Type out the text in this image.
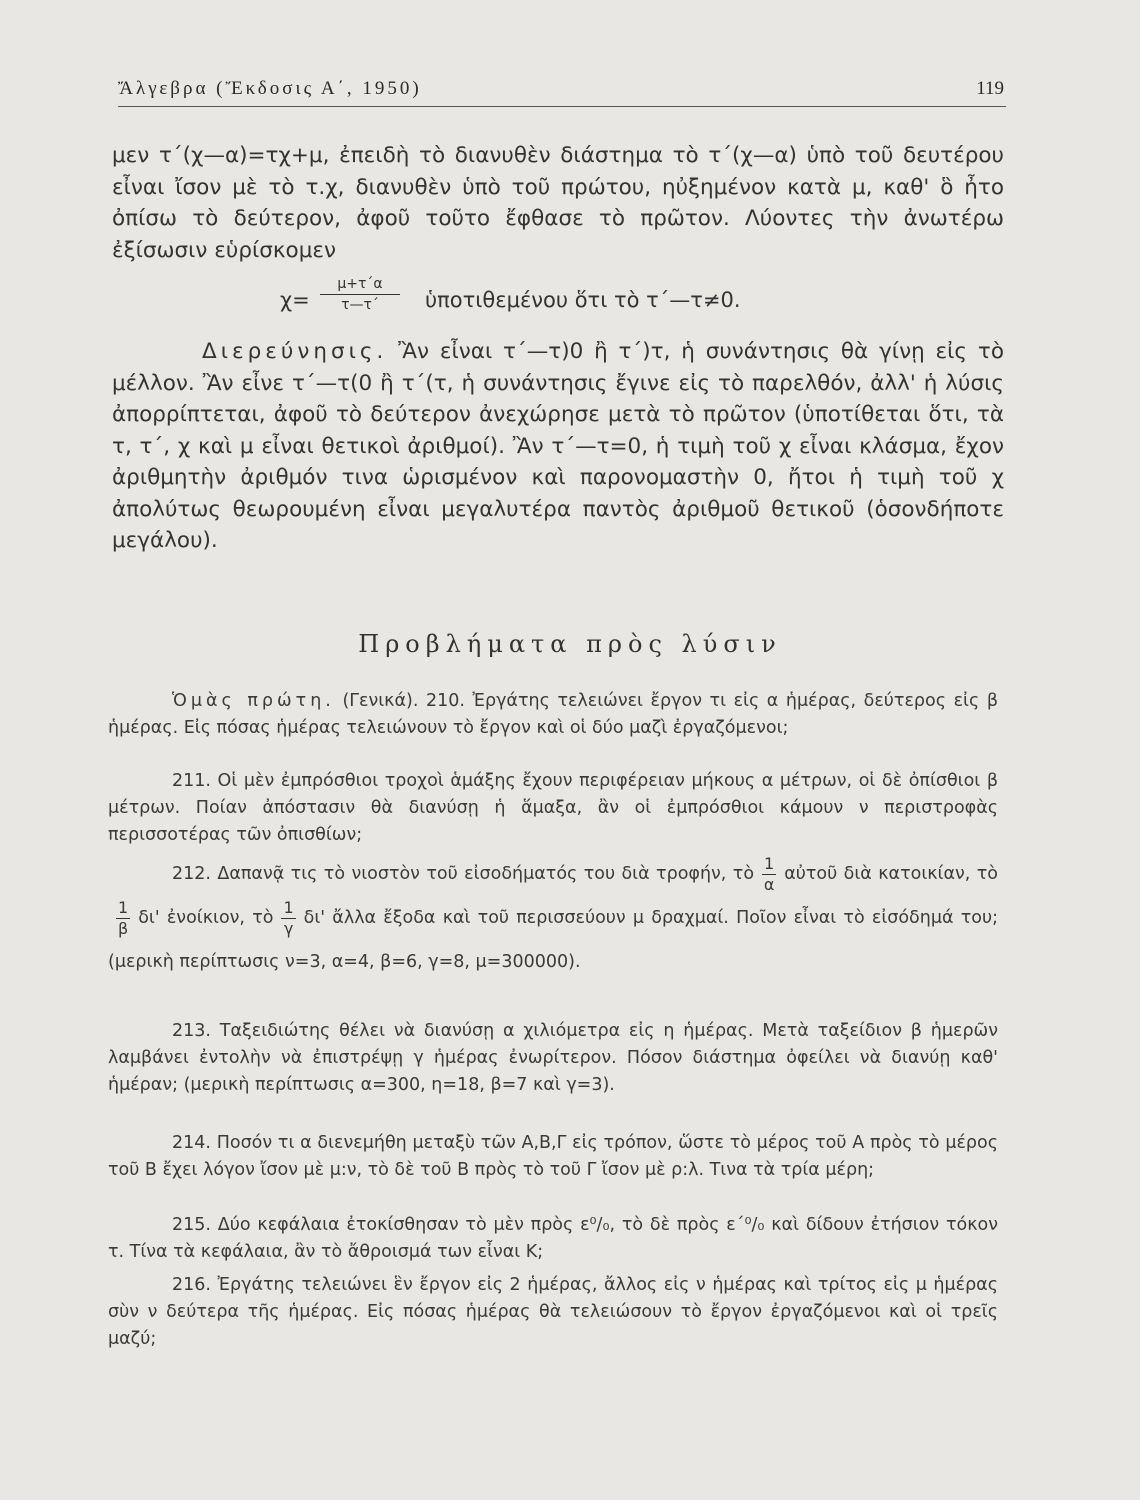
Ἄλγεβρα (Ἔκδοσις Α΄, 1950)	119
μεν τ΄(χ—α)=τχ+μ, ἐπειδὴ τὸ διανυθὲν διάστημα τὸ τ΄(χ—α) ὑπὸ τοῦ δευτέρου εἶναι ἴσον μὲ τὸ τ.χ, διανυθὲν ὑπὸ τοῦ πρώτου, ηὐξημένον κατὰ μ, καθ' ὃ ἦτο ὀπίσω τὸ δεύτερον, ἀφοῦ τοῦτο ἔφθασε τὸ πρῶτον. Λύοντες τὴν ἀνωτέρω ἐξίσωσιν εὑρίσκομεν
$\chi= \frac{\mu+\tau΄\alpha}{\tau—\tau΄}$ ὑποτιθεμένου ὅτι τὸ τ΄—τ≠0.
Διερεύνησις. Ἂν εἶναι τ΄—τ)0 ἢ τ΄)τ, ἡ συνάντησις θὰ γίνῃ εἰς τὸ μέλλον. Ἂν εἶνε τ΄—τ(0 ἢ τ΄(τ, ἡ συνάντησις ἔγινε εἰς τὸ παρελθόν, ἀλλ' ἡ λύσις ἀπορρίπτεται, ἀφοῦ τὸ δεύτερον ἀνεχώρησε μετὰ τὸ πρῶτον (ὑποτίθεται ὅτι, τὰ τ, τ΄, χ καὶ μ εἶναι θετικοὶ ἀριθμοί). Ἂν τ΄—τ=0, ἡ τιμὴ τοῦ χ εἶναι κλάσμα, ἔχον ἀριθμητὴν ἀριθμόν τινα ὡρισμένον καὶ παρονομαστὴν 0, ἤτοι ἡ τιμὴ τοῦ χ ἀπολύτως θεωρουμένη εἶναι μεγαλυτέρα παντὸς ἀριθμοῦ θετικοῦ (ὁσονδήποτε μεγάλου).
Προβλήματα πρὸς λύσιν
Ὁμὰς πρώτη. (Γενικά). 210. Ἐργάτης τελειώνει ἔργον τι εἰς α ἡμέρας, δεύτερος εἰς β ἡμέρας. Εἰς πόσας ἡμέρας τελειώνουν τὸ ἔργον καὶ οἱ δύο μαζὶ ἐργαζόμενοι;
211. Οἱ μὲν ἐμπρόσθιοι τροχοὶ ἁμάξης ἔχουν περιφέρειαν μήκους α μέτρων, οἱ δὲ ὀπίσθιοι β μέτρων. Ποίαν ἀπόστασιν θὰ διανύσῃ ἡ ἅμαξα, ἂν οἱ ἐμπρόσθιοι κάμουν ν περιστροφὰς περισσοτέρας τῶν ὀπισθίων;
212. Δαπανᾷ τις τὸ νιοστὸν τοῦ εἰσοδήματός του διὰ τροφήν, τὸ $\frac{1}{\alpha}$ αὐτοῦ διὰ κατοικίαν, τὸ
$\frac{1}{\beta} \delta\iota'$ ἐνοίκιον, τὸ $\frac{1}{\gamma} \delta\iota'$ ἄλλα ἔξοδα καὶ τοῦ περισσεύουν μ δραχμαί. Ποῖον εἶναι τὸ εἰσόδημά του; (μερικὴ περίπτωσις ν=3, α=4, β=6, γ=8, μ=300000).
213. Ταξειδιώτης θέλει νὰ διανύσῃ α χιλιόμετρα εἰς η ἡμέρας. Μετὰ ταξείδιον β ἡμερῶν λαμβάνει ἐντολὴν νὰ ἐπιστρέψῃ γ ἡμέρας ἐνωρίτερον. Πόσον διάστημα ὀφείλει νὰ διανύῃ καθ' ἡμέραν; (μερικὴ περίπτωσις α=300, η=18, β=7 καὶ γ=3).
214. Ποσόν τι α διενεμήθη μεταξὺ τῶν Α,Β,Γ εἰς τρόπον, ὥστε τὸ μέρος τοῦ Α πρὸς τὸ μέρος τοῦ Β ἔχει λόγον ἴσον μὲ μ:ν, τὸ δὲ τοῦ Β πρὸς τὸ τοῦ Γ ἴσον μὲ ρ:λ. Τινα τὰ τρία μέρη;
215. Δύο κεφάλαια ἐτοκίσθησαν τὸ μὲν πρὸς ε⁰/₀, τὸ δὲ πρὸς ε΄⁰/₀ καὶ δίδουν ἐτήσιον τόκον τ. Τίνα τὰ κεφάλαια, ἂν τὸ ἄθροισμά των εἶναι Κ;
216. Ἐργάτης τελειώνει ἓν ἔργον εἰς 2 ἡμέρας, ἄλλος εἰς ν ἡμέρας καὶ τρίτος εἰς μ ἡμέρας σὺν ν δεύτερα τῆς ἡμέρας. Εἰς πόσας ἡμέρας θὰ τελειώσουν τὸ ἔργον ἐργαζόμενοι καὶ οἱ τρεῖς μαζύ;
